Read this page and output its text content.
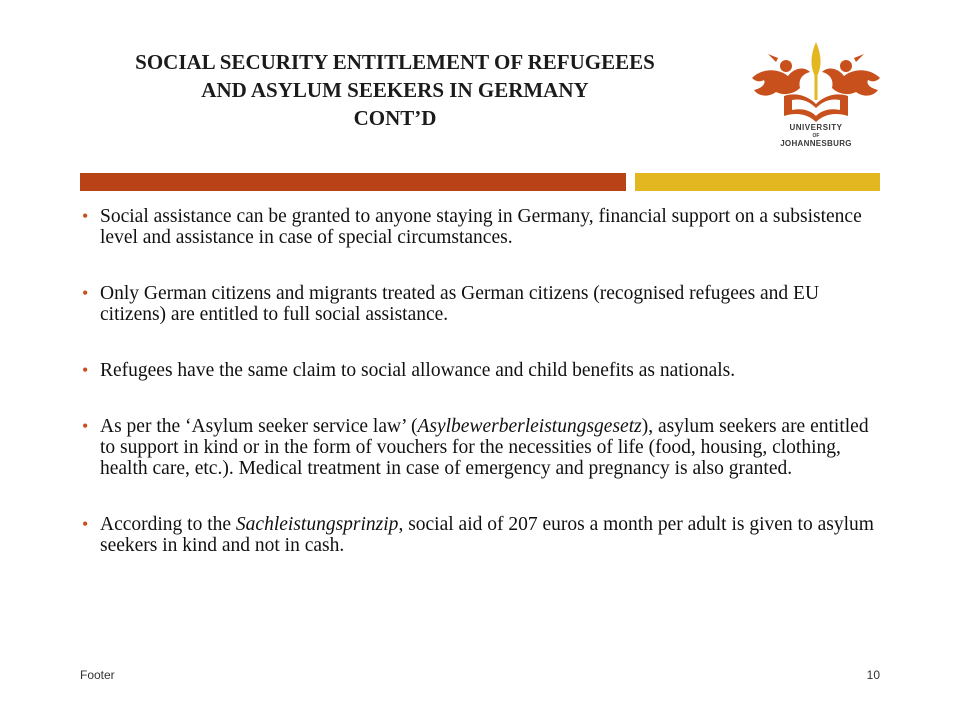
SOCIAL SECURITY ENTITLEMENT OF REFUGEEES
AND ASYLUM SEEKERS IN GERMANY
CONT’D	UNIVERSITY
OF
JOHANNESBURG
• Social assistance can be granted to anyone staying in Germany, financial support on a subsistence level and assistance in case of special circumstances.
• Only German citizens and migrants treated as German citizens (recognised refugees and EU citizens) are entitled to full social assistance.
• Refugees have the same claim to social allowance and child benefits as nationals.
• As per the ‘Asylum seeker service law’ (Asylbewerberleistungsgesetz), asylum seekers are entitled to support in kind or in the form of vouchers for the necessities of life (food, housing, clothing, health care, etc.). Medical treatment in case of emergency and pregnancy is also granted.
• According to the Sachleistungsprinzip, social aid of 207 euros a month per adult is given to asylum seekers in kind and not in cash.
Footer	10
